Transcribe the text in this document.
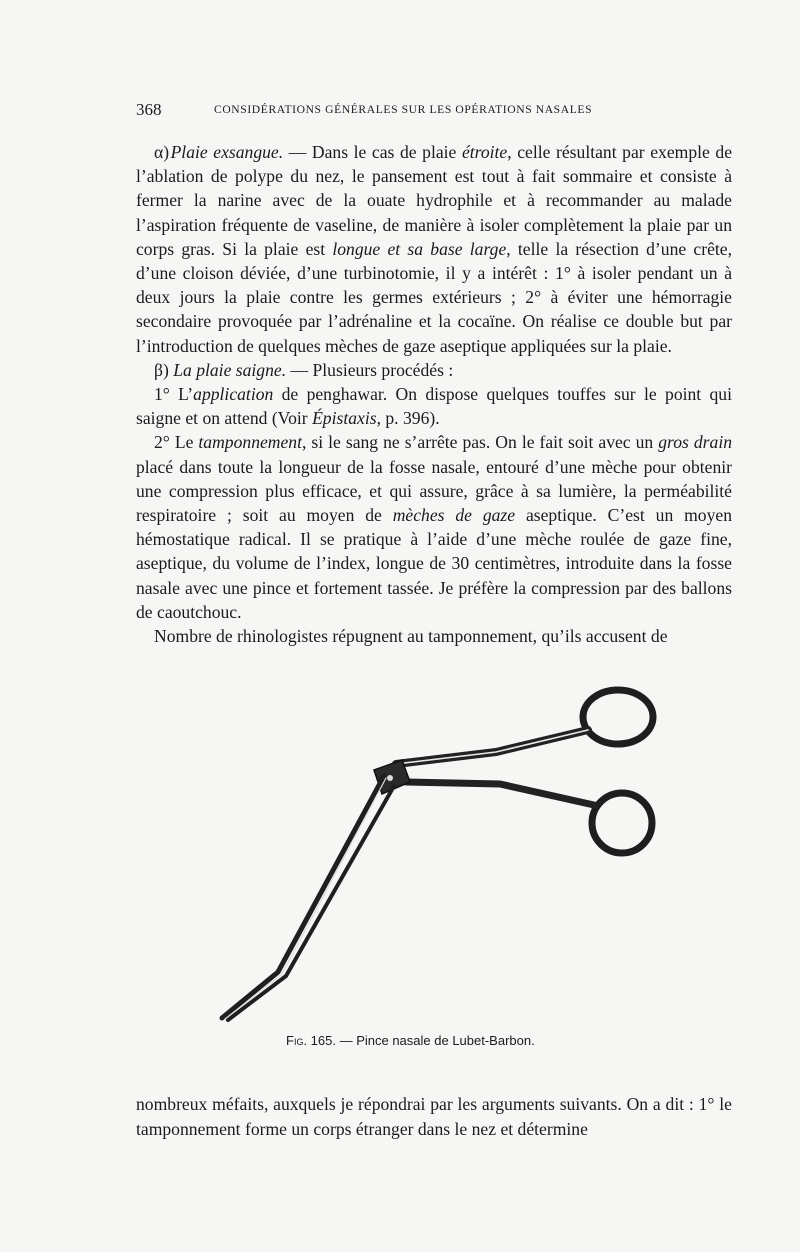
368	CONSIDÉRATIONS GÉNÉRALES SUR LES OPÉRATIONS NASALES

α) Plaie exsangue. — Dans le cas de plaie étroite, celle résultant par exemple de l’ablation de polype du nez, le pansement est tout à fait sommaire et consiste à fermer la narine avec de la ouate hydrophile et à recommander au malade l’aspiration fréquente de vaseline, de manière à isoler complètement la plaie par un corps gras. Si la plaie est longue et sa base large, telle la résection d’une crête, d’une cloison déviée, d’une turbinotomie, il y a intérêt : 1° à isoler pendant un à deux jours la plaie contre les germes extérieurs ; 2° à éviter une hémorragie secondaire provoquée par l’adrénaline et la cocaïne. On réalise ce double but par l’introduction de quelques mèches de gaze aseptique appliquées sur la plaie.

β) La plaie saigne. — Plusieurs procédés :

1° L’application de penghawar. On dispose quelques touffes sur le point qui saigne et on attend (Voir Épistaxis, p. 396).

2° Le tamponnement, si le sang ne s’arrête pas. On le fait soit avec un gros drain placé dans toute la longueur de la fosse nasale, entouré d’une mèche pour obtenir une compression plus efficace, et qui assure, grâce à sa lumière, la perméabilité respiratoire ; soit au moyen de mèches de gaze aseptique. C’est un moyen hémostatique radical. Il se pratique à l’aide d’une mèche roulée de gaze fine, aseptique, du volume de l’index, longue de 30 centimètres, introduite dans la fosse nasale avec une pince et fortement tassée. Je préfère la compression par des ballons de caoutchouc.

Nombre de rhinologistes répugnent au tamponnement, qu’ils accusent de

COLLIN
Fig. 165. — Pince nasale de Lubet-Barbon.

nombreux méfaits, auxquels je répondrai par les arguments suivants. On a dit : 1° le tamponnement forme un corps étranger dans le nez et détermine
